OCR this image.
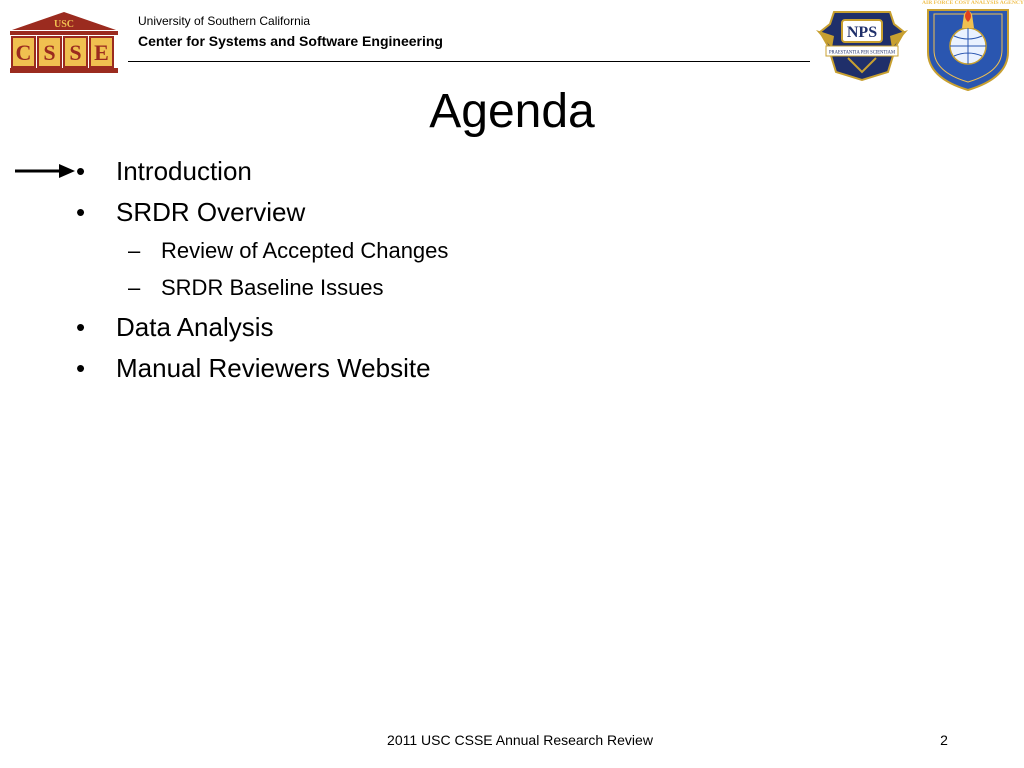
USC
C S S E
University of Southern California
Center for Systems and Software Engineering	NPS
PRAESTANTIA PER SCIENTIAM
AIR FORCE COST ANALYSIS AGENCY
Agenda
• Introduction
• SRDR Overview
– Review of Accepted Changes
– SRDR Baseline Issues
• Data Analysis
• Manual Reviewers Website
2011 USC CSSE Annual Research Review	2
